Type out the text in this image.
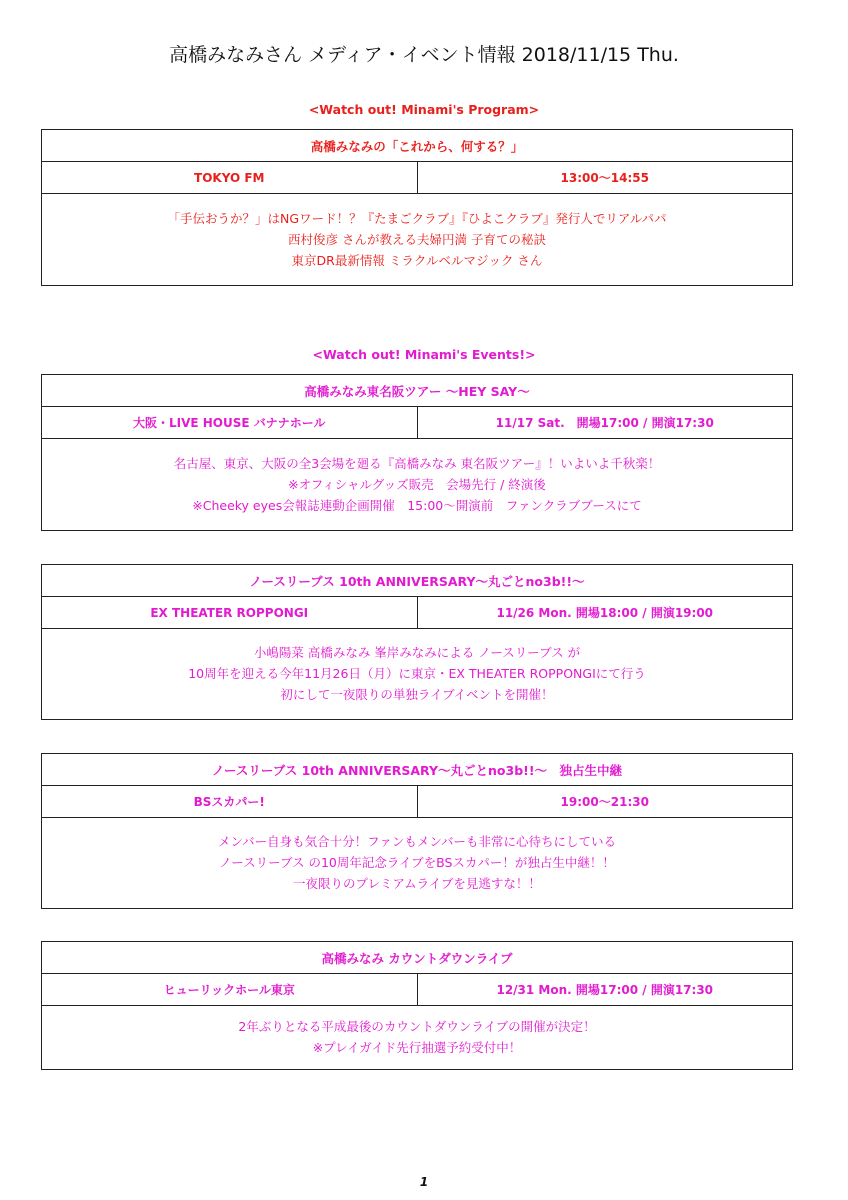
高橋みなみさん メディア・イベント情報 2018/11/15 Thu.
<Watch out! Minami's Program>
高橋みなみの「これから、何する？」
TOKYO FM	13:00～14:55
「手伝おうか？」はNGワード！？『たまごクラブ』『ひよこクラブ』発行人でリアルパパ
西村俊彦 さんが教える夫婦円満 子育ての秘訣
東京DR最新情報 ミラクルベルマジック さん
<Watch out! Minami's Events!>
高橋みなみ東名阪ツアー ～HEY SAY～
大阪・LIVE HOUSE バナナホール	11/17 Sat.　開場17:00 / 開演17:30
名古屋、東京、大阪の全3会場を廻る『高橋みなみ 東名阪ツアー』！いよいよ千秋楽！
※オフィシャルグッズ販売　会場先行 / 終演後
※Cheeky eyes会報誌連動企画開催　15:00～開演前　ファンクラブブースにて
ノースリーブス 10th ANNIVERSARY～丸ごとno3b!!～
EX THEATER ROPPONGI	11/26 Mon. 開場18:00 / 開演19:00
小嶋陽菜 高橋みなみ 峯岸みなみによる ノースリーブス が
10周年を迎える今年11月26日（月）に東京・EX THEATER ROPPONGIにて行う
初にして一夜限りの単独ライブイベントを開催！
ノースリーブス 10th ANNIVERSARY～丸ごとno3b!!～　独占生中継
BSスカパー!	19:00～21:30
メンバー自身も気合十分！ファンもメンバーも非常に心待ちにしている
ノースリーブス の10周年記念ライブをBSスカパー！が独占生中継！！
一夜限りのプレミアムライブを見逃すな！！
高橋みなみ カウントダウンライブ
ヒューリックホール東京	12/31 Mon. 開場17:00 / 開演17:30
2年ぶりとなる平成最後のカウントダウンライブの開催が決定！
※プレイガイド先行抽選予約受付中！
1
